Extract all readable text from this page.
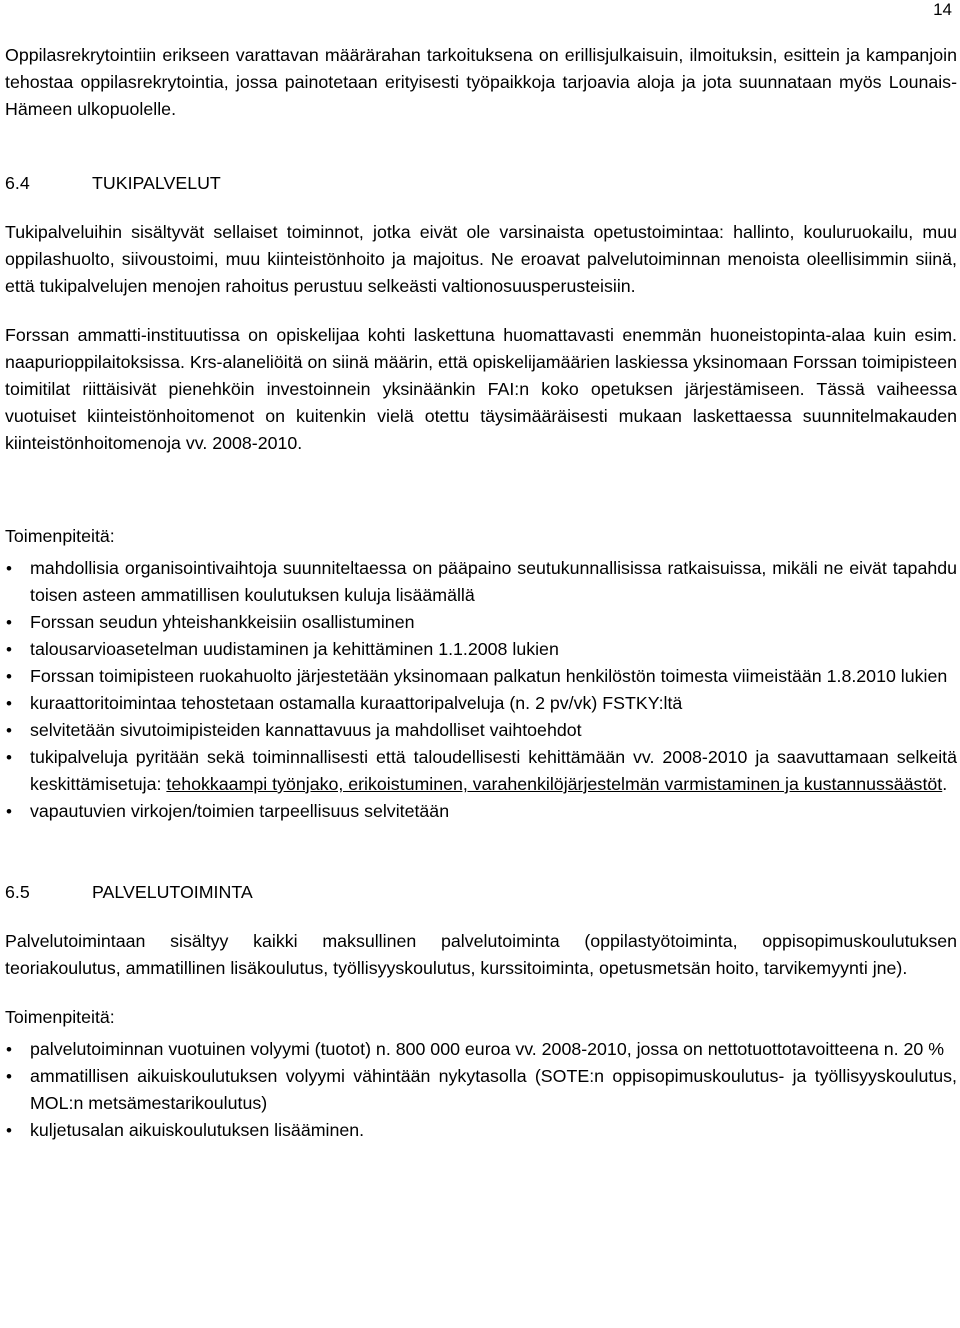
14

Oppilasrekrytointiin erikseen varattavan määrärahan tarkoituksena on erillisjulkaisuin, ilmoituksin, esittein ja kampanjoin tehostaa oppilasrekrytointia, jossa painotetaan erityisesti työpaikkoja tarjoavia aloja ja jota suunnataan myös Lounais-Hämeen ulkopuolelle.

6.4	TUKIPALVELUT

Tukipalveluihin sisältyvät sellaiset toiminnot, jotka eivät ole varsinaista opetustoimintaa: hallinto, kouluruokailu, muu oppilashuolto, siivoustoimi, muu kiinteistönhoito ja majoitus. Ne eroavat palvelutoiminnan menoista oleellisimmin siinä, että tukipalvelujen menojen rahoitus perustuu selkeästi valtionosuusperusteisiin.

Forssan ammatti-instituutissa on opiskelijaa kohti laskettuna huomattavasti enemmän huoneistopinta-alaa kuin esim. naapurioppilaitoksissa. Krs-alaneliöitä on siinä määrin, että opiskelijamäärien laskiessa yksinomaan Forssan toimipisteen toimitilat riittäisivät pienehköin investoinnein yksinäänkin FAI:n koko opetuksen järjestämiseen. Tässä vaiheessa vuotuiset kiinteistönhoitomenot on kuitenkin vielä otettu täysimääräisesti mukaan laskettaessa suunnitelmakauden kiinteistönhoitomenoja vv. 2008-2010.

Toimenpiteitä:

• mahdollisia organisointivaihtoja suunniteltaessa on pääpaino seutukunnallisissa ratkaisuissa, mikäli ne eivät tapahdu toisen asteen ammatillisen koulutuksen kuluja lisäämällä
• Forssan seudun yhteishankkeisiin osallistuminen
• talousarvioasetelman uudistaminen ja kehittäminen 1.1.2008 lukien
• Forssan toimipisteen ruokahuolto järjestetään yksinomaan palkatun henkilöstön toimesta viimeistään 1.8.2010 lukien
• kuraattoritoimintaa tehostetaan ostamalla kuraattoripalveluja (n. 2 pv/vk) FSTKY:ltä
• selvitetään sivutoimipisteiden kannattavuus ja mahdolliset vaihtoehdot
• tukipalveluja pyritään sekä toiminnallisesti että taloudellisesti kehittämään vv. 2008-2010 ja saavuttamaan selkeitä keskittämisetuja: tehokkaampi työnjako, erikoistuminen, varahenkilöjärjestelmän varmistaminen ja kustannussäästöt.
• vapautuvien virkojen/toimien tarpeellisuus selvitetään
6.5	PALVELUTOIMINTA

Palvelutoimintaan sisältyy kaikki maksullinen palvelutoiminta (oppilastyötoiminta, oppisopimuskoulutuksen teoriakoulutus, ammatillinen lisäkoulutus, työllisyyskoulutus, kurssitoiminta, opetusmetsän hoito, tarvikemyynti jne).

Toimenpiteitä:

• palvelutoiminnan vuotuinen volyymi (tuotot) n. 800 000 euroa vv. 2008-2010, jossa on nettotuottotavoitteena n. 20 %
• ammatillisen aikuiskoulutuksen volyymi vähintään nykytasolla (SOTE:n oppisopimuskoulutus- ja työllisyyskoulutus, MOL:n metsämestarikoulutus)
• kuljetusalan aikuiskoulutuksen lisääminen.
